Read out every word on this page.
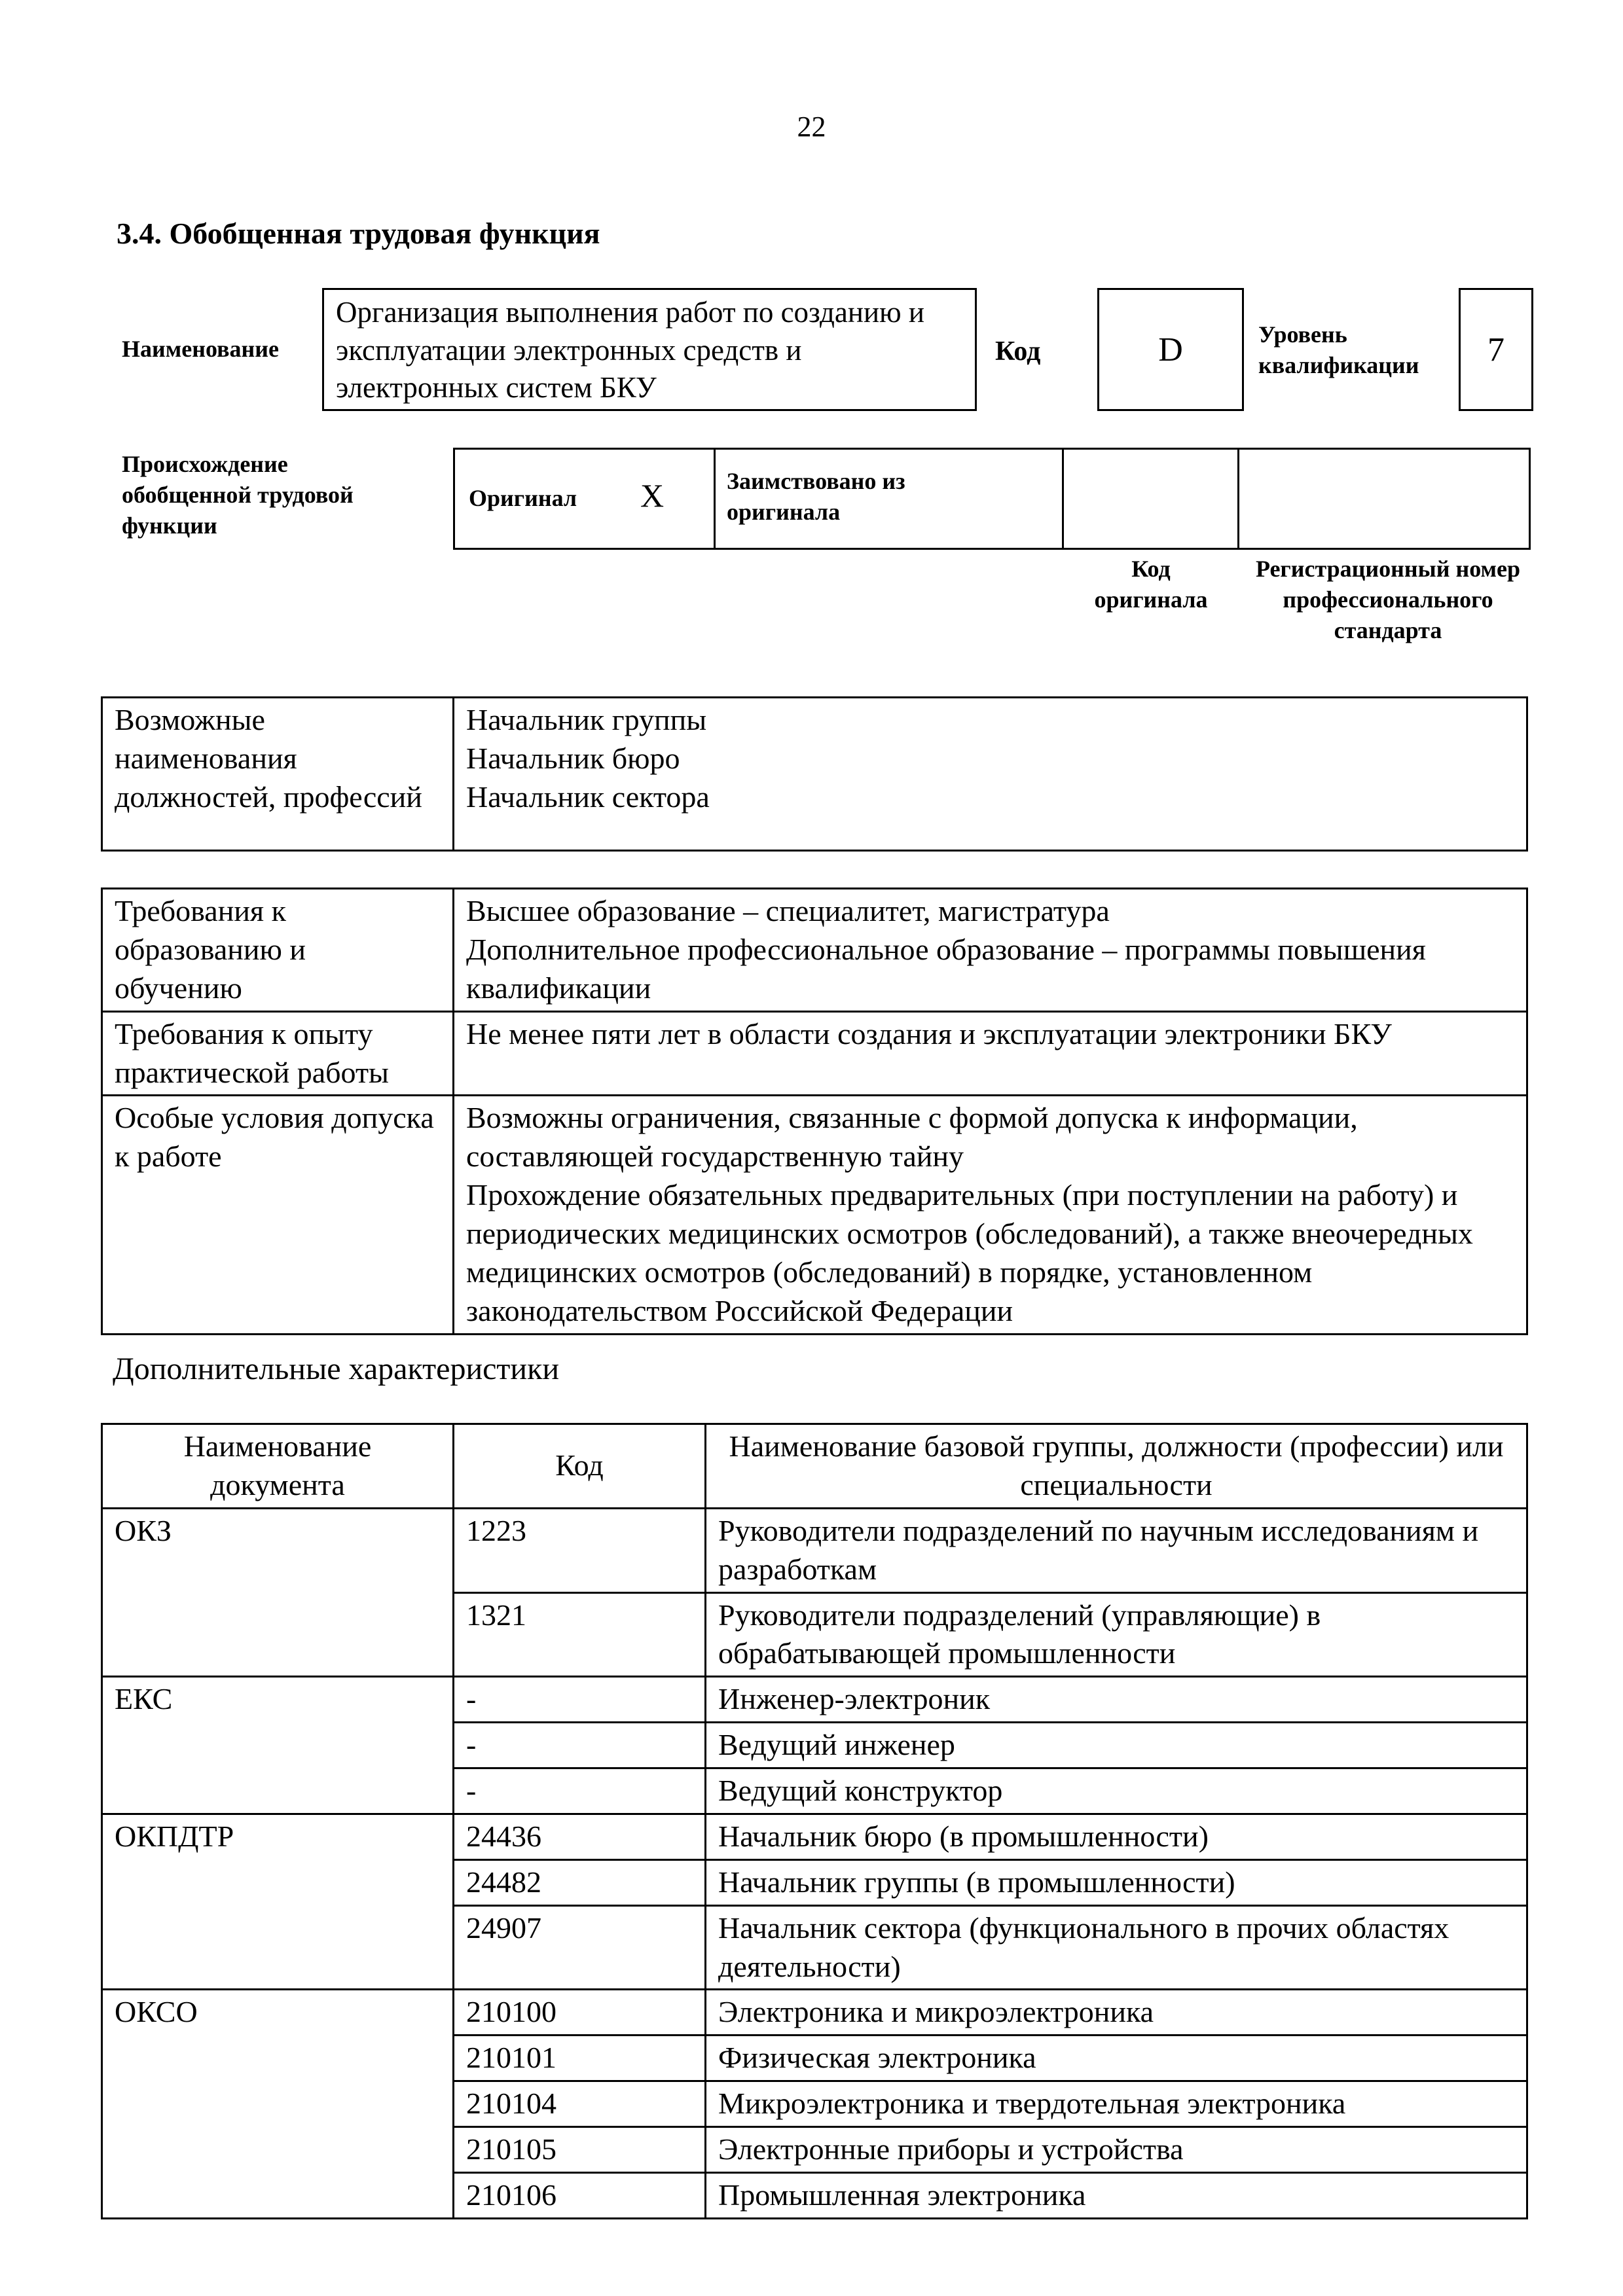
22
3.4. Обобщенная трудовая функция
Наименование
Организация выполнения работ по созданию и эксплуатации электронных средств и электронных систем БКУ
Код	D	Уровень квалификации	7
Происхождение обобщенной трудовой функции
Оригинал X	Заимствовано из оригинала
Код оригинала
Регистрационный номер профессионального стандарта
Возможные наименования должностей, профессий	
Начальник группы
Начальник бюро
Начальник сектора
Требования к образованию и обучению	Высшее образование – специалитет, магистратура
Дополнительное профессиональное образование – программы повышения квалификации

Требования к опыту практической работы	Не менее пяти лет в области создания и эксплуатации электроники БКУ
Особые условия допуска к работе	Возможны ограничения, связанные с формой допуска к информации, составляющей государственную тайну
Прохождение обязательных предварительных (при поступлении на работу) и периодических медицинских осмотров (обследований), а также внеочередных медицинских осмотров (обследований) в порядке, установленном законодательством Российской Федерации
Дополнительные характеристики
Наименование документа	Код	Наименование базовой группы, должности (профессии) или специальности
ОКЗ	1223	Руководители подразделений по научным исследованиям и разработкам
	1321	Руководители подразделений (управляющие) в обрабатывающей промышленности
ЕКС	-	Инженер-электроник
	-	Ведущий инженер
	-	Ведущий конструктор
ОКПДТР	24436	Начальник бюро (в промышленности)
	24482	Начальник группы (в промышленности)
	24907	Начальник сектора (функционального в прочих областях деятельности)
ОКСО	210100	Электроника и микроэлектроника
	210101	Физическая электроника
	210104	Микроэлектроника и твердотельная электроника
	210105	Электронные приборы и устройства
	210106	Промышленная электроника
